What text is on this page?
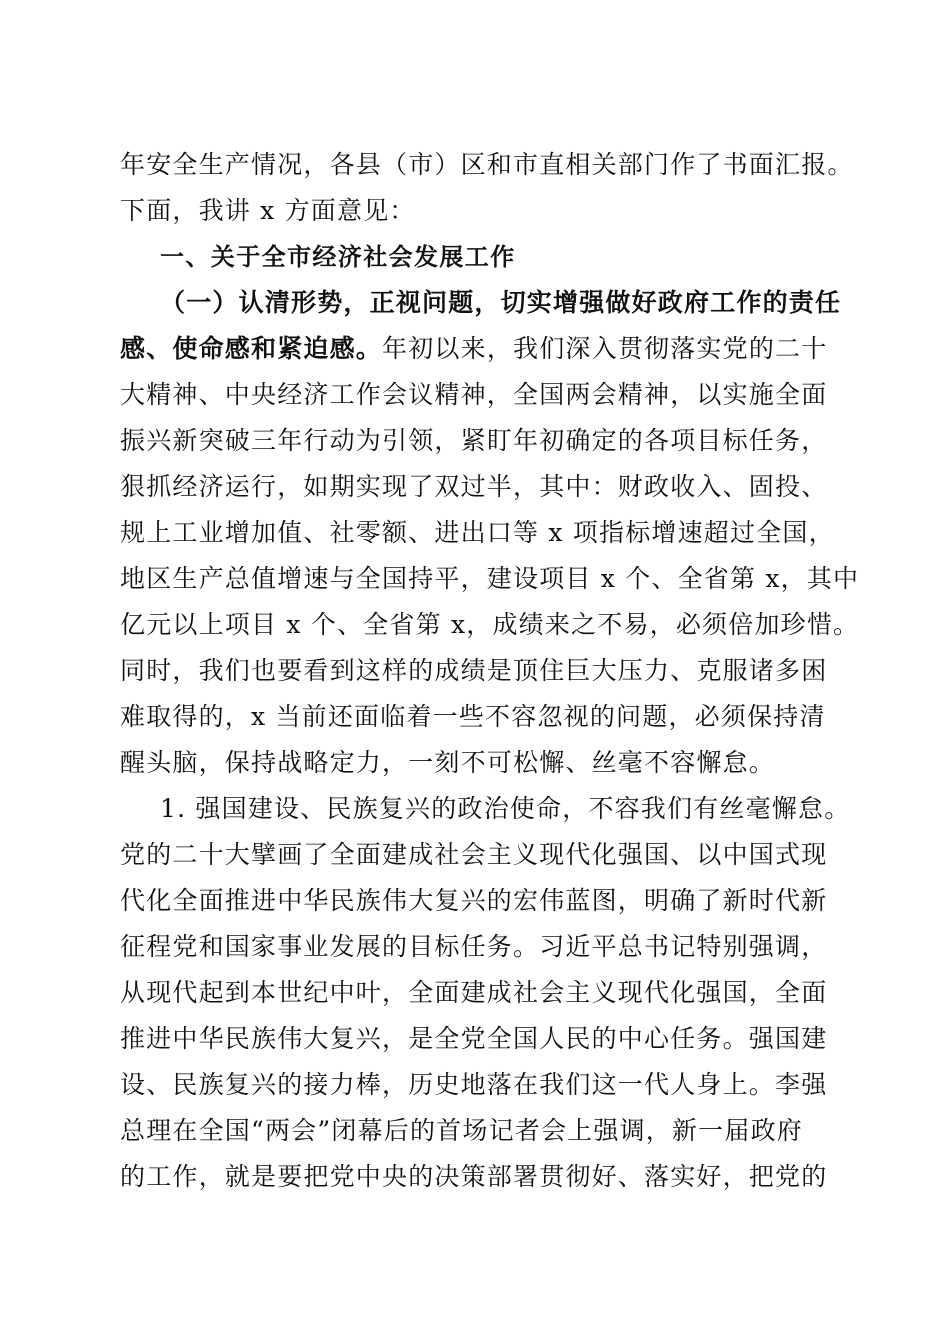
年安全生产情况，各县（市）区和市直相关部门作了书面汇报。
下面，我讲 x 方面意见：
一、关于全市经济社会发展工作
（一）认清形势，正视问题，切实增强做好政府工作的责任
感、使命感和紧迫感。年初以来，我们深入贯彻落实党的二十
大精神、中央经济工作会议精神，全国两会精神，以实施全面
振兴新突破三年行动为引领，紧盯年初确定的各项目标任务，
狠抓经济运行，如期实现了双过半，其中：财政收入、固投、
规上工业增加值、社零额、进出口等 x 项指标增速超过全国，
地区生产总值增速与全国持平，建设项目 x 个、全省第 x，其中
亿元以上项目 x 个、全省第 x，成绩来之不易，必须倍加珍惜。
同时，我们也要看到这样的成绩是顶住巨大压力、克服诸多困
难取得的，x 当前还面临着一些不容忽视的问题，必须保持清
醒头脑，保持战略定力，一刻不可松懈、丝毫不容懈怠。
1. 强国建设、民族复兴的政治使命，不容我们有丝毫懈怠。
党的二十大擘画了全面建成社会主义现代化强国、以中国式现
代化全面推进中华民族伟大复兴的宏伟蓝图，明确了新时代新
征程党和国家事业发展的目标任务。习近平总书记特别强调，
从现代起到本世纪中叶，全面建成社会主义现代化强国，全面
推进中华民族伟大复兴，是全党全国人民的中心任务。强国建
设、民族复兴的接力棒，历史地落在我们这一代人身上。李强
总理在全国“两会”闭幕后的首场记者会上强调，新一届政府
的工作，就是要把党中央的决策部署贯彻好、落实好，把党的
